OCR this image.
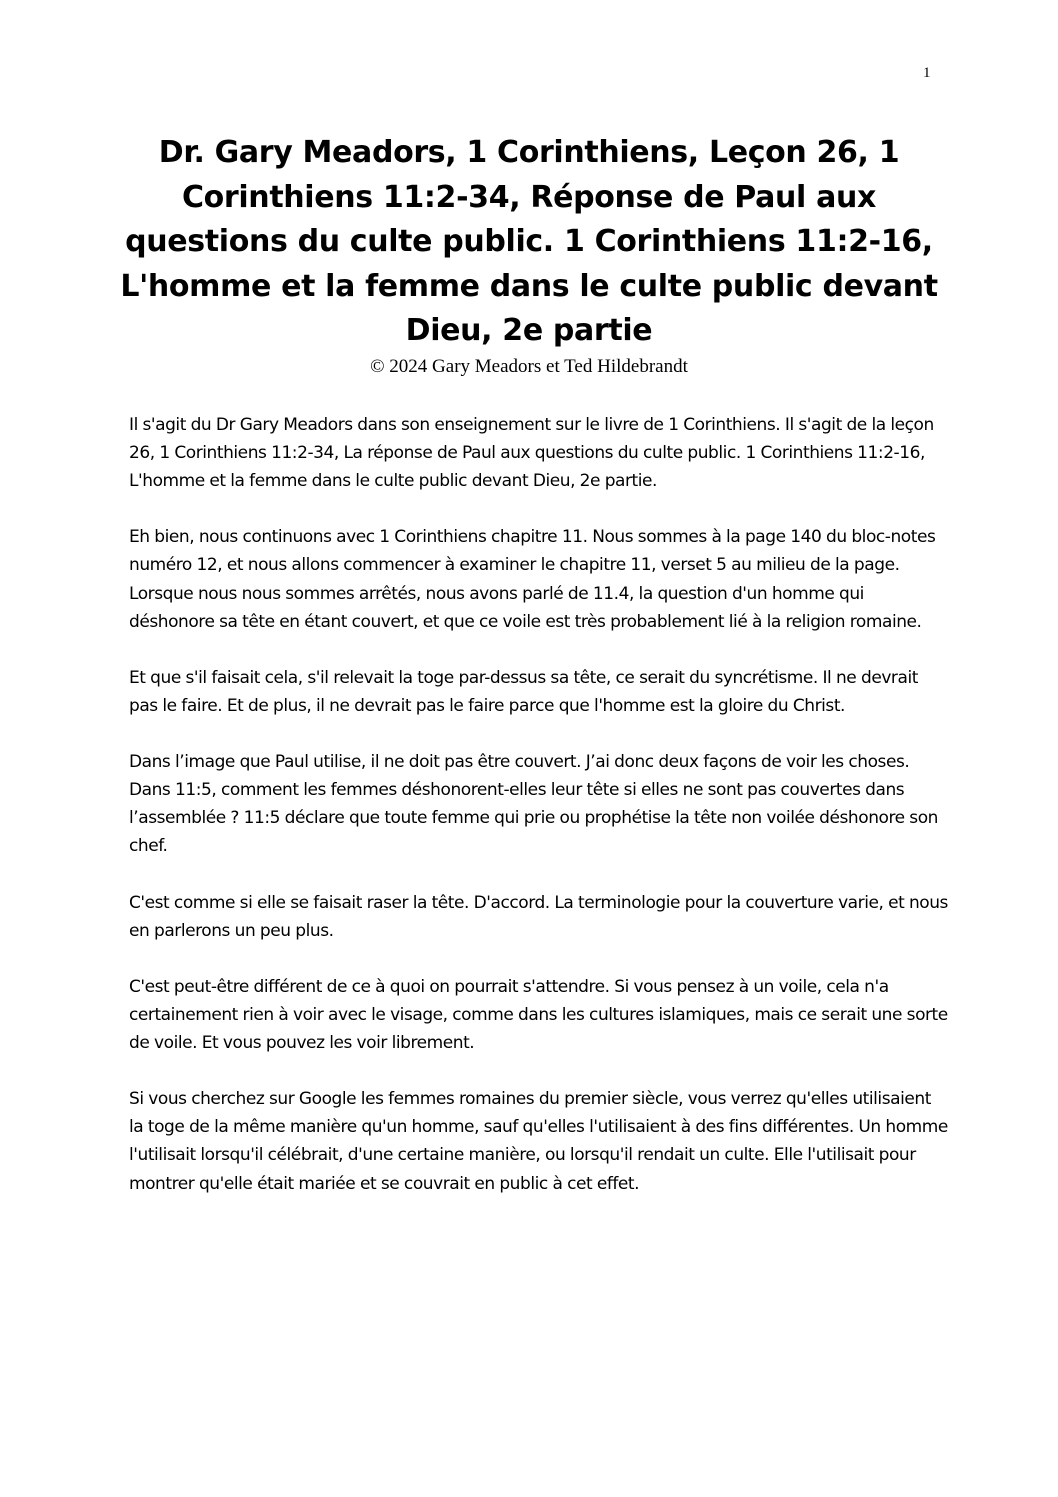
1
Dr. Gary Meadors, 1 Corinthiens, Leçon 26, 1 Corinthiens 11:2-34, Réponse de Paul aux questions du culte public. 1 Corinthiens 11:2-16, L'homme et la femme dans le culte public devant Dieu, 2e partie
© 2024 Gary Meadors et Ted Hildebrandt

Il s'agit du Dr Gary Meadors dans son enseignement sur le livre de 1 Corinthiens. Il s'agit de la leçon 26, 1 Corinthiens 11:2-34, La réponse de Paul aux questions du culte public. 1 Corinthiens 11:2-16, L'homme et la femme dans le culte public devant Dieu, 2e partie.

Eh bien, nous continuons avec 1 Corinthiens chapitre 11. Nous sommes à la page 140 du bloc-notes numéro 12, et nous allons commencer à examiner le chapitre 11, verset 5 au milieu de la page. Lorsque nous nous sommes arrêtés, nous avons parlé de 11.4, la question d'un homme qui déshonore sa tête en étant couvert, et que ce voile est très probablement lié à la religion romaine.

Et que s'il faisait cela, s'il relevait la toge par-dessus sa tête, ce serait du syncrétisme. Il ne devrait pas le faire. Et de plus, il ne devrait pas le faire parce que l'homme est la gloire du Christ.

Dans l’image que Paul utilise, il ne doit pas être couvert. J’ai donc deux façons de voir les choses. Dans 11:5, comment les femmes déshonorent-elles leur tête si elles ne sont pas couvertes dans l’assemblée ? 11:5 déclare que toute femme qui prie ou prophétise la tête non voilée déshonore son chef.

C'est comme si elle se faisait raser la tête. D'accord. La terminologie pour la couverture varie, et nous en parlerons un peu plus.

C'est peut-être différent de ce à quoi on pourrait s'attendre. Si vous pensez à un voile, cela n'a certainement rien à voir avec le visage, comme dans les cultures islamiques, mais ce serait une sorte de voile. Et vous pouvez les voir librement.

Si vous cherchez sur Google les femmes romaines du premier siècle, vous verrez qu'elles utilisaient la toge de la même manière qu'un homme, sauf qu'elles l'utilisaient à des fins différentes. Un homme l'utilisait lorsqu'il célébrait, d'une certaine manière, ou lorsqu'il rendait un culte. Elle l'utilisait pour montrer qu'elle était mariée et se couvrait en public à cet effet.
